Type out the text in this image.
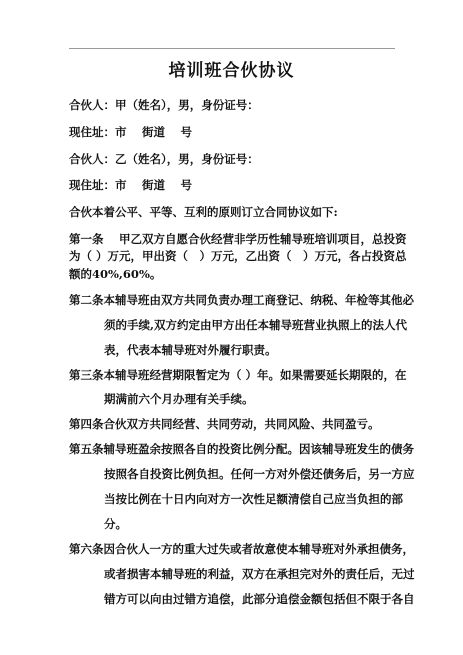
培训班合伙协议
合伙人：甲（姓名），男，身份证号：
现住址：市　 街道　 号
合伙人：乙（姓名），男，身份证号：
现住址：市　 街道　 号
合伙本着公平、平等、互利的原则订立合同协议如下:
第一条　 甲乙双方自愿合伙经营非学历性辅导班培训项目，总投资
为（ ）万元，甲出资（　）万元，乙出资（　）万元，各占投资总
额的40%,60%。
第二条本辅导班由双方共同负责办理工商登记、纳税、年检等其他必
须的手续,双方约定由甲方出任本辅导班营业执照上的法人代
表，代表本辅导班对外履行职责。
第三条本辅导班经营期限暂定为（ ）年。如果需要延长期限的，在
期满前六个月办理有关手续。
第四条合伙双方共同经营、共同劳动，共同风险、共同盈亏。
第五条辅导班盈余按照各自的投资比例分配。因该辅导班发生的债务
按照各自投资比例负担。任何一方对外偿还债务后，另一方应
当按比例在十日内向对方一次性足额清偿自己应当负担的部
分。
第六条因合伙人一方的重大过失或者故意使本辅导班对外承担债务，
或者损害本辅导班的利益，双方在承担完对外的责任后，无过
错方可以向由过错方追偿，此部分追偿金额包括但不限于各自
